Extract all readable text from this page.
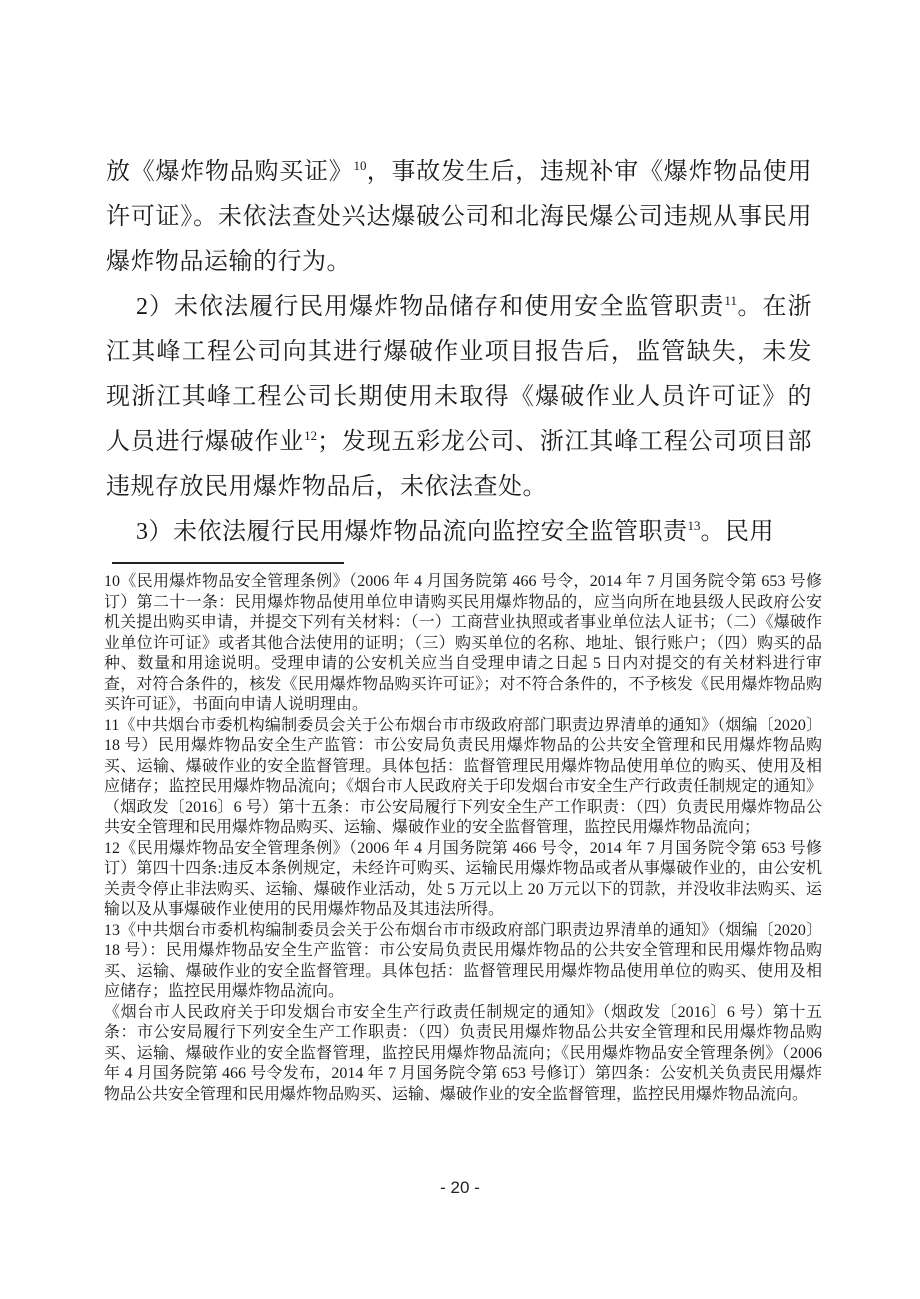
放《爆炸物品购买证》$^{10}$，事故发生后，违规补审《爆炸物品使用许可证》。未依法查处兴达爆破公司和北海民爆公司违规从事民用爆炸物品运输的行为。

2）未依法履行民用爆炸物品储存和使用安全监管职责$^{11}$。在浙江其峰工程公司向其进行爆破作业项目报告后，监管缺失，未发现浙江其峰工程公司长期使用未取得《爆破作业人员许可证》的人员进行爆破作业$^{12}$；发现五彩龙公司、浙江其峰工程公司项目部违规存放民用爆炸物品后，未依法查处。

3）未依法履行民用爆炸物品流向监控安全监管职责$^{13}$。民用

10《民用爆炸物品安全管理条例》（2006 年 4 月国务院第 466 号令，2014 年 7 月国务院令第 653 号修订）第二十一条：民用爆炸物品使用单位申请购买民用爆炸物品的，应当向所在地县级人民政府公安机关提出购买申请，并提交下列有关材料：（一）工商营业执照或者事业单位法人证书；（二）《爆破作业单位许可证》或者其他合法使用的证明；（三）购买单位的名称、地址、银行账户；（四）购买的品种、数量和用途说明。受理申请的公安机关应当自受理申请之日起 5 日内对提交的有关材料进行审查，对符合条件的，核发《民用爆炸物品购买许可证》；对不符合条件的，不予核发《民用爆炸物品购买许可证》，书面向申请人说明理由。

11《中共烟台市委机构编制委员会关于公布烟台市市级政府部门职责边界清单的通知》（烟编〔2020〕18 号）民用爆炸物品安全生产监管：市公安局负责民用爆炸物品的公共安全管理和民用爆炸物品购买、运输、爆破作业的安全监督管理。具体包括：监督管理民用爆炸物品使用单位的购买、使用及相应储存；监控民用爆炸物品流向；《烟台市人民政府关于印发烟台市安全生产行政责任制规定的通知》（烟政发〔2016〕6 号）第十五条：市公安局履行下列安全生产工作职责：（四）负责民用爆炸物品公共安全管理和民用爆炸物品购买、运输、爆破作业的安全监督管理，监控民用爆炸物品流向；

12《民用爆炸物品安全管理条例》（2006 年 4 月国务院第 466 号令，2014 年 7 月国务院令第 653 号修订）第四十四条:违反本条例规定，未经许可购买、运输民用爆炸物品或者从事爆破作业的，由公安机关责令停止非法购买、运输、爆破作业活动，处 5 万元以上 20 万元以下的罚款，并没收非法购买、运输以及从事爆破作业使用的民用爆炸物品及其违法所得。

13《中共烟台市委机构编制委员会关于公布烟台市市级政府部门职责边界清单的通知》（烟编〔2020〕18 号）：民用爆炸物品安全生产监管：市公安局负责民用爆炸物品的公共安全管理和民用爆炸物品购买、运输、爆破作业的安全监督管理。具体包括：监督管理民用爆炸物品使用单位的购买、使用及相应储存；监控民用爆炸物品流向。

《烟台市人民政府关于印发烟台市安全生产行政责任制规定的通知》（烟政发〔2016〕6 号）第十五条：市公安局履行下列安全生产工作职责：（四）负责民用爆炸物品公共安全管理和民用爆炸物品购买、运输、爆破作业的安全监督管理，监控民用爆炸物品流向；《民用爆炸物品安全管理条例》（2006 年 4 月国务院第 466 号令发布，2014 年 7 月国务院令第 653 号修订）第四条：公安机关负责民用爆炸物品公共安全管理和民用爆炸物品购买、运输、爆破作业的安全监督管理，监控民用爆炸物品流向。

- 20 -
